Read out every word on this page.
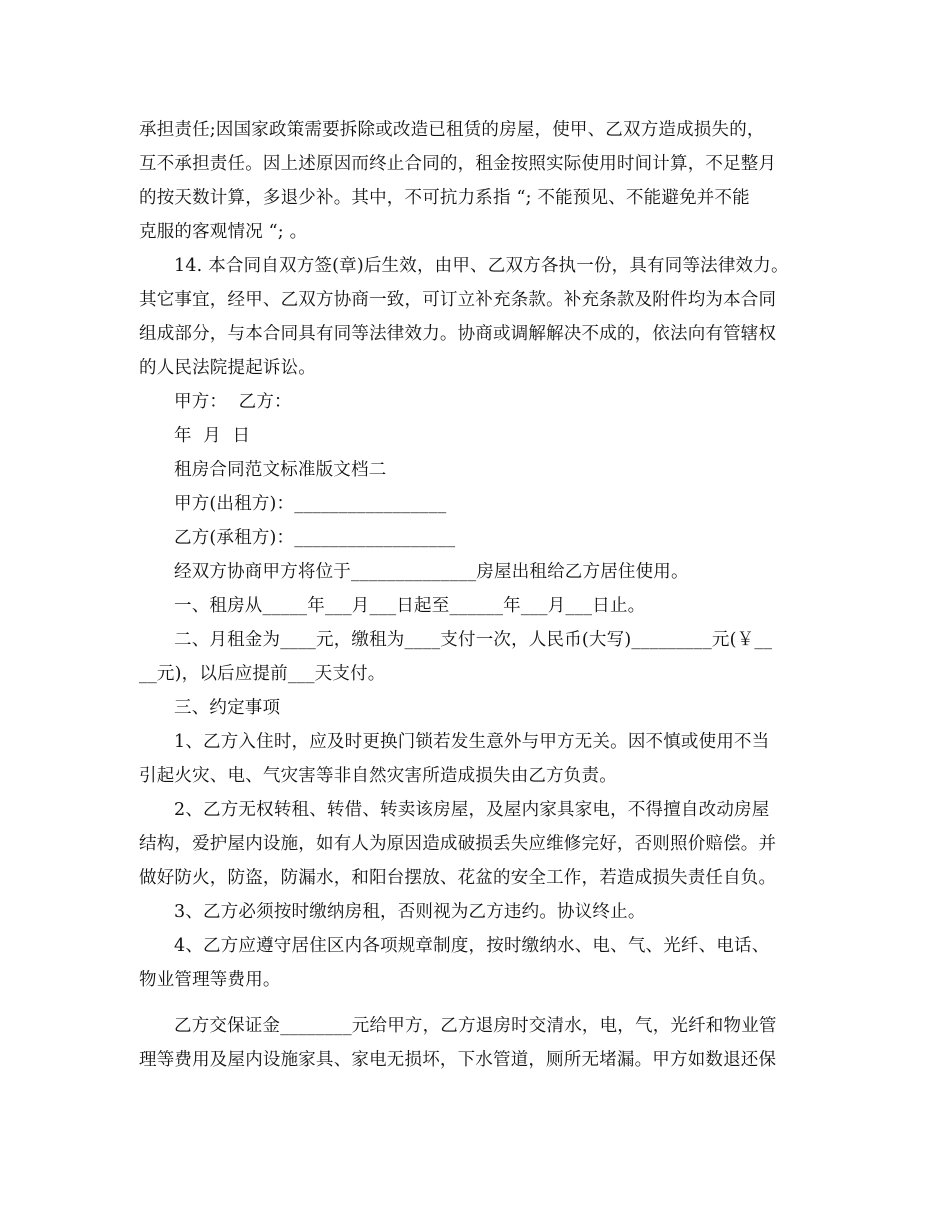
承担责任;因国家政策需要拆除或改造已租赁的房屋，使甲、乙双方造成损失的，
互不承担责任。因上述原因而终止合同的，租金按照实际使用时间计算，不足整月
的按天数计算，多退少补。其中，不可抗力系指 “; 不能预见、不能避免并不能
克服的客观情况 “; 。
14. 本合同自双方签(章)后生效，由甲、乙双方各执一份，具有同等法律效力。
其它事宜，经甲、乙双方协商一致，可订立补充条款。补充条款及附件均为本合同
组成部分，与本合同具有同等法律效力。协商或调解解决不成的，依法向有管辖权
的人民法院提起诉讼。
甲方：  乙方：
年  月  日
租房合同范文标准版文档二
甲方(出租方)：_________________
乙方(承租方)：__________________
经双方协商甲方将位于______________房屋出租给乙方居住使用。
一、租房从_____年___月___日起至______年___月___日止。
二、月租金为____元，缴租为____支付一次，人民币(大写)_________元(￥__
__元)，以后应提前___天支付。
三、约定事项
1、乙方入住时，应及时更换门锁若发生意外与甲方无关。因不慎或使用不当
引起火灾、电、气灾害等非自然灾害所造成损失由乙方负责。
2、乙方无权转租、转借、转卖该房屋，及屋内家具家电，不得擅自改动房屋
结构，爱护屋内设施，如有人为原因造成破损丢失应维修完好，否则照价赔偿。并
做好防火，防盗，防漏水，和阳台摆放、花盆的安全工作，若造成损失责任自负。
3、乙方必须按时缴纳房租，否则视为乙方违约。协议终止。
4、乙方应遵守居住区内各项规章制度，按时缴纳水、电、气、光纤、电话、
物业管理等费用。
乙方交保证金________元给甲方，乙方退房时交清水，电，气，光纤和物业管
理等费用及屋内设施家具、家电无损坏，下水管道，厕所无堵漏。甲方如数退还保
